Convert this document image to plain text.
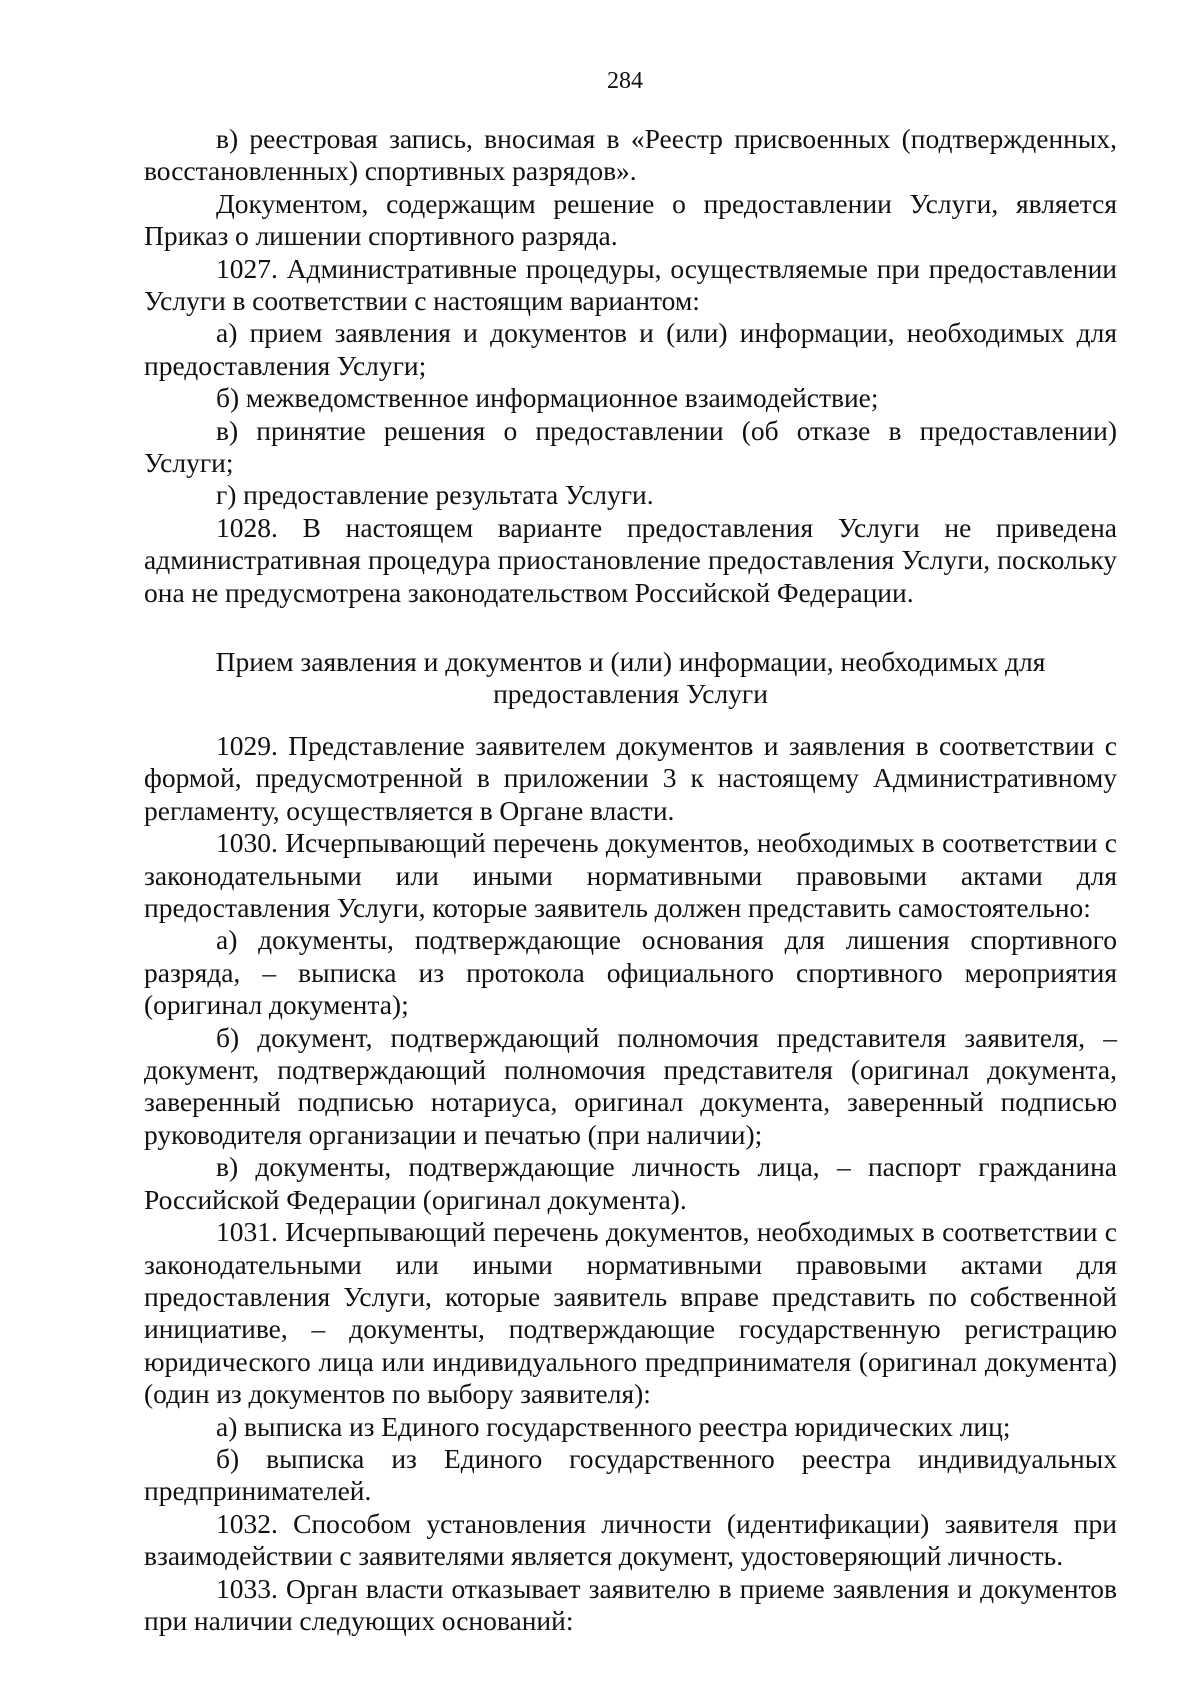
284

в) реестровая запись, вносимая в «Реестр присвоенных (подтвержденных, восстановленных) спортивных разрядов».

Документом, содержащим решение о предоставлении Услуги, является Приказ о лишении спортивного разряда.

1027. Административные процедуры, осуществляемые при предоставлении Услуги в соответствии с настоящим вариантом:

а) прием заявления и документов и (или) информации, необходимых для предоставления Услуги;

б) межведомственное информационное взаимодействие;

в) принятие решения о предоставлении (об отказе в предоставлении) Услуги;

г) предоставление результата Услуги.

1028. В настоящем варианте предоставления Услуги не приведена административная процедура приостановление предоставления Услуги, поскольку она не предусмотрена законодательством Российской Федерации.

Прием заявления и документов и (или) информации, необходимых для предоставления Услуги

1029. Представление заявителем документов и заявления в соответствии с формой, предусмотренной в приложении 3 к настоящему Административному регламенту, осуществляется в Органе власти.

1030. Исчерпывающий перечень документов, необходимых в соответствии с законодательными или иными нормативными правовыми актами для предоставления Услуги, которые заявитель должен представить самостоятельно:

а) документы, подтверждающие основания для лишения спортивного разряда, – выписка из протокола официального спортивного мероприятия (оригинал документа);

б) документ, подтверждающий полномочия представителя заявителя, – документ, подтверждающий полномочия представителя (оригинал документа, заверенный подписью нотариуса, оригинал документа, заверенный подписью руководителя организации и печатью (при наличии);

в) документы, подтверждающие личность лица, – паспорт гражданина Российской Федерации (оригинал документа).

1031. Исчерпывающий перечень документов, необходимых в соответствии с законодательными или иными нормативными правовыми актами для предоставления Услуги, которые заявитель вправе представить по собственной инициативе, – документы, подтверждающие государственную регистрацию юридического лица или индивидуального предпринимателя (оригинал документа) (один из документов по выбору заявителя):

а) выписка из Единого государственного реестра юридических лиц;

б) выписка из Единого государственного реестра индивидуальных предпринимателей.

1032. Способом установления личности (идентификации) заявителя при взаимодействии с заявителями является документ, удостоверяющий личность.

1033. Орган власти отказывает заявителю в приеме заявления и документов при наличии следующих оснований:
